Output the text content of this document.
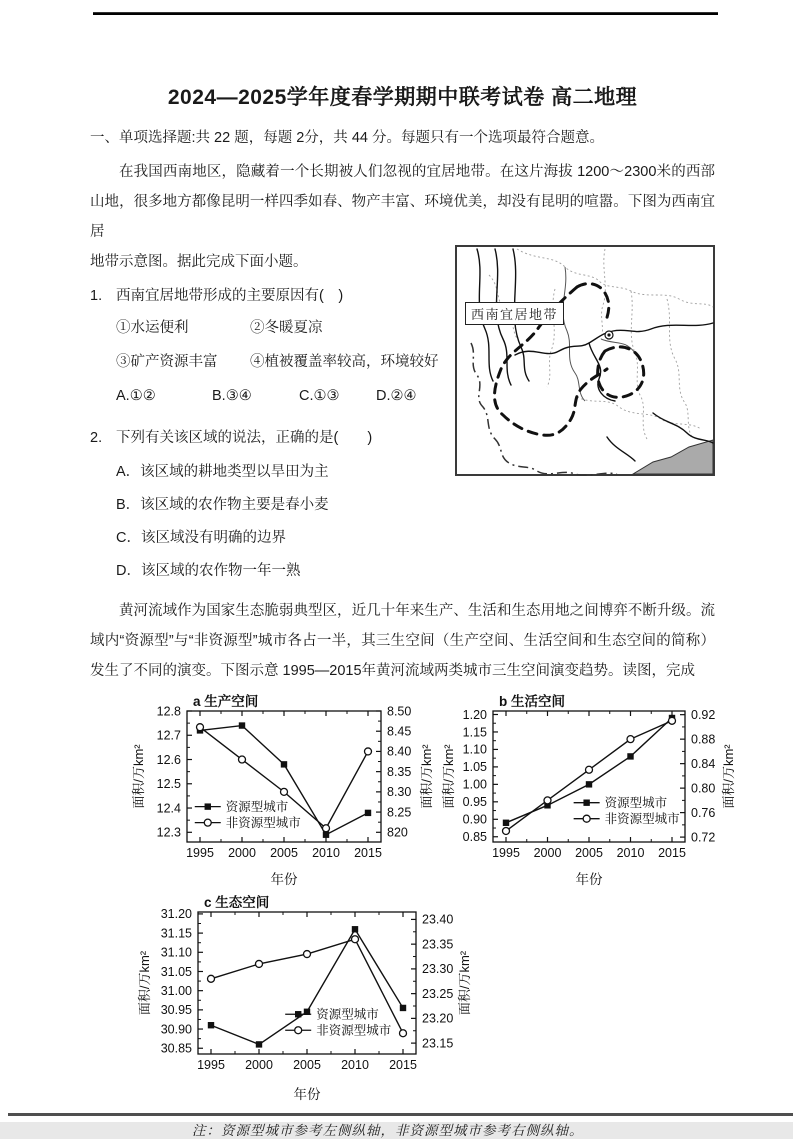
2024—2025学年度春学期期中联考试卷 高二地理
一、单项选择题:共 22 题，每题 2分，共 44 分。每题只有一个选项最符合题意。

在我国西南地区，隐藏着一个长期被人们忽视的宜居地带。在这片海拔 1200～2300米的西部山地，很多地方都像昆明一样四季如春、物产丰富、环境优美，却没有昆明的喧嚣。下图为西南宜居

地带示意图。据此完成下面小题。
1. 西南宜居地带形成的主要原因有(　)
①水运便利	②冬暖夏凉
③矿产资源丰富	④植被覆盖率较高，环境较好
A.①②	B.③④	C.①③	D.②④
2. 下列有关该区域的说法，正确的是(　　)
A．该区域的耕地类型以旱田为主
B．该区域的农作物主要是春小麦
C．该区域没有明确的边界
D．该区域的农作物一年一熟
西南宜居地带

黄河流域作为国家生态脆弱典型区，近几十年来生产、生活和生态用地之间博弈不断升级。流域内“资源型”与“非资源型”城市各占一半，其三生空间（生产空间、生活空间和生态空间的简称）发生了不同的演变。下图示意 1995—2015年黄河流域两类城市三生空间演变趋势。读图，完成

a 生产空间
12.8
12.7
12.6
12.5
12.4
12.3
8.50
8.45
8.40
8.35
8.30
8.25
820
1995 2000 2005 2010 2015
年份
面积/万km²	面积/万km²
资源型城市
非资源型城市
b 生活空间
1.20
1.15
1.10
1.05
1.00
0.95
0.90
0.85
0.92
0.88
0.84
0.80
0.76
0.72
1995 2000 2005 2010 2015
年份
面积/万km²	面积/万km²
资源型城市
非资源型城市
c 生态空间
31.20
31.15
31.10
31.05
31.00
30.95
30.90
30.85
23.40
23.35
23.30
23.25
23.20
23.15
1995 2000 2005 2010 2015
年份
面积/万km²	面积/万km²
资源型城市
非资源型城市
注：资源型城市参考左侧纵轴，非资源型城市参考右侧纵轴。
